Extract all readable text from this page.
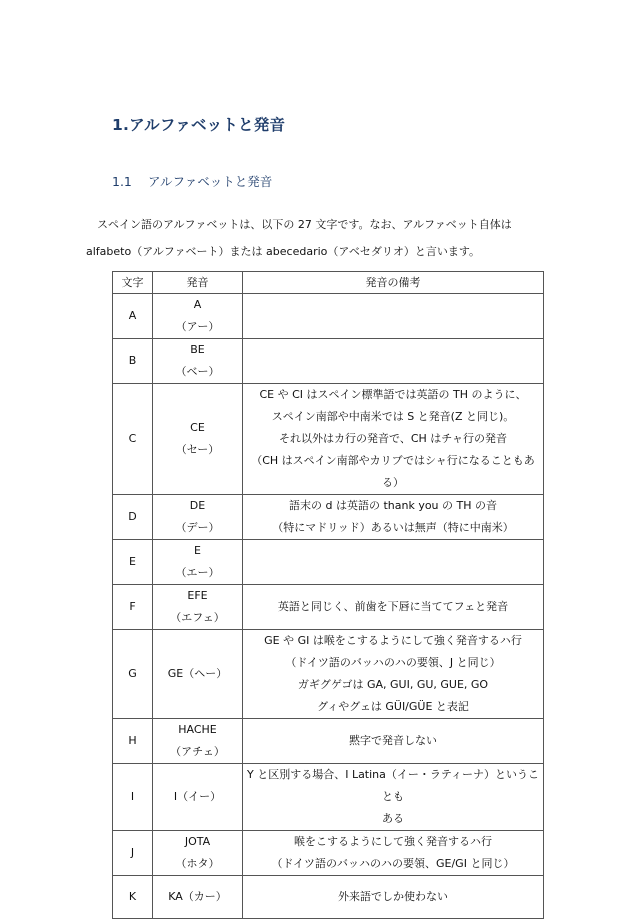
1.アルファベットと発音
1.1 アルファベットと発音
スペイン語のアルファベットは、以下の 27 文字です。なお、アルファベット自体は alfabeto（アルファベート）または abecedario（アベセダリオ）と言います。
文字	発音	発音の備考
A	A
（アー）	

B	BE
（ベー）	

C	CE
（セー）	CE や CI はスペイン標準語では英語の TH のように、
スペイン南部や中南米では S と発音(Z と同じ)。
それ以外はカ行の発音で、CH はチャ行の発音
（CH はスペイン南部やカリブではシャ行になることもある）

D	DE
（デー）	語末の d は英語の thank you の TH の音
（特にマドリッド）あるいは無声（特に中南米）

E	E
（エー）	

F	EFE
（エフェ）	英語と同じく、前歯を下唇に当ててフェと発音

G	GE（ヘー）	GE や GI は喉をこするようにして強く発音するハ行
（ドイツ語のバッハのハの要領、J と同じ）
ガギグゲゴは GA, GUI, GU, GUE, GO
グィやグェは GÜI/GÜE と表記

H	HACHE
（アチェ）	黙字で発音しない

I	I（イー）	Y と区別する場合、I Latina（イー・ラティーナ）ということも
ある

J	JOTA
（ホタ）	喉をこするようにして強く発音するハ行
（ドイツ語のバッハのハの要領、GE/GI と同じ）

K	KA（カー）	外来語でしか使わない
